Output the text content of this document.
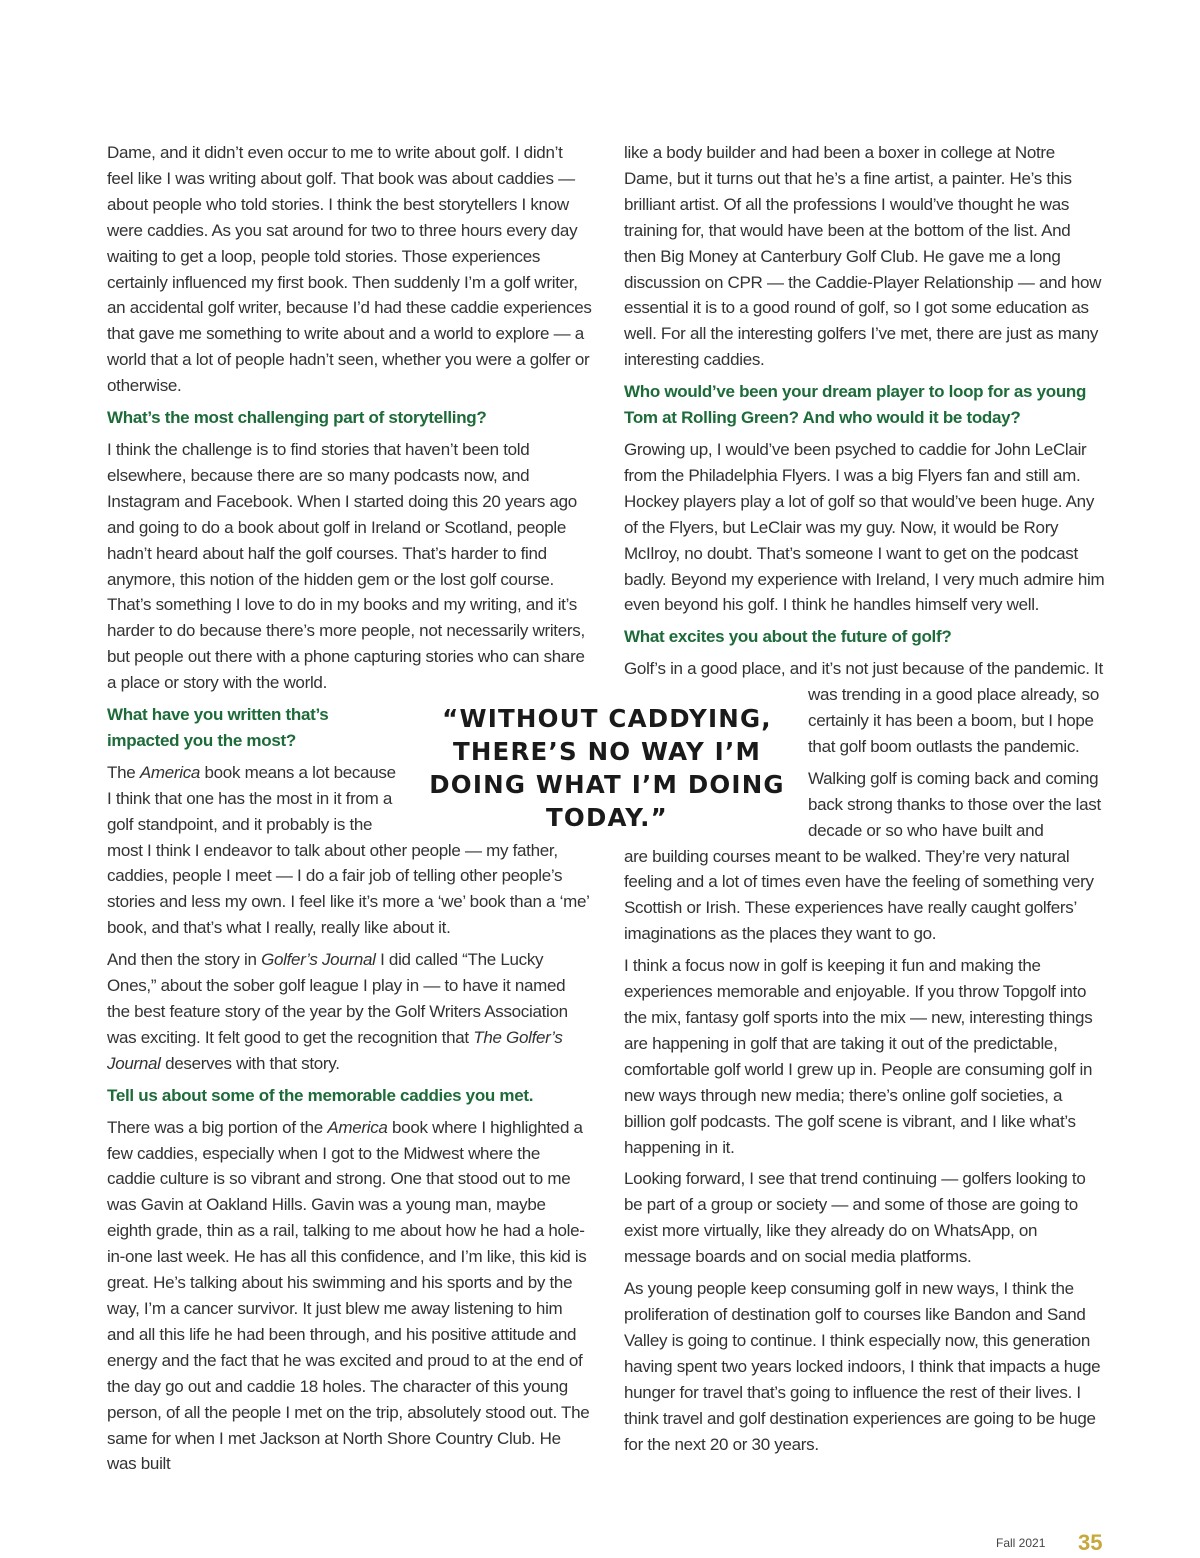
Dame, and it didn’t even occur to me to write about golf. I didn’t feel like I was writing about golf. That book was about caddies — about people who told stories. I think the best storytellers I know were caddies. As you sat around for two to three hours every day waiting to get a loop, people told stories. Those experiences certainly influenced my first book. Then suddenly I’m a golf writer, an accidental golf writer, because I’d had these caddie experiences that gave me something to write about and a world to explore — a world that a lot of people hadn’t seen, whether you were a golfer or otherwise.

What’s the most challenging part of storytelling?

I think the challenge is to find stories that haven’t been told elsewhere, because there are so many podcasts now, and Instagram and Facebook. When I started doing this 20 years ago and going to do a book about golf in Ireland or Scotland, people hadn’t heard about half the golf courses. That’s harder to find anymore, this notion of the hidden gem or the lost golf course. That’s something I love to do in my books and my writing, and it’s harder to do because there’s more people, not necessarily writers, but people out there with a phone capturing stories who can share a place or story with the world.

What have you written that’s impacted you the most?

The America book means a lot because I think that one has the most in it from a golf standpoint, and it probably is the
most I think I endeavor to talk about other people — my father, caddies, people I meet — I do a fair job of telling other people’s stories and less my own. I feel like it’s more a ‘we’ book than a ‘me’ book, and that’s what I really, really like about it.

And then the story in Golfer’s Journal I did called “The Lucky Ones,” about the sober golf league I play in — to have it named the best feature story of the year by the Golf Writers Association was exciting. It felt good to get the recognition that The Golfer’s Journal deserves with that story.

Tell us about some of the memorable caddies you met.

There was a big portion of the America book where I highlighted a few caddies, especially when I got to the Midwest where the caddie culture is so vibrant and strong. One that stood out to me was Gavin at Oakland Hills. Gavin was a young man, maybe eighth grade, thin as a rail, talking to me about how he had a hole-in-one last week. He has all this confidence, and I’m like, this kid is great. He’s talking about his swimming and his sports and by the way, I’m a cancer survivor. It just blew me away listening to him and all this life he had been through, and his positive attitude and energy and the fact that he was excited and proud to at the end of the day go out and caddie 18 holes. The character of this young person, of all the people I met on the trip, absolutely stood out. The same for when I met Jackson at North Shore Country Club. He was built

like a body builder and had been a boxer in college at Notre Dame, but it turns out that he’s a fine artist, a painter. He’s this brilliant artist. Of all the professions I would’ve thought he was training for, that would have been at the bottom of the list. And then Big Money at Canterbury Golf Club. He gave me a long discussion on CPR — the Caddie-Player Relationship — and how essential it is to a good round of golf, so I got some education as well. For all the interesting golfers I’ve met, there are just as many interesting caddies.

Who would’ve been your dream player to loop for as young Tom at Rolling Green? And who would it be today?

Growing up, I would’ve been psyched to caddie for John LeClair from the Philadelphia Flyers. I was a big Flyers fan and still am. Hockey players play a lot of golf so that would’ve been huge. Any of the Flyers, but LeClair was my guy. Now, it would be Rory McIlroy, no doubt. That’s someone I want to get on the podcast badly. Beyond my experience with Ireland, I very much admire him even beyond his golf. I think he handles himself very well.

What excites you about the future of golf?

Golf’s in a good place, and it’s not just because of the pandemic. It
was trending in a good place already, so certainly it has been a boom, but I hope that golf boom outlasts the pandemic.

Walking golf is coming back and coming back strong thanks to those over the last decade or so who have built and
are building courses meant to be walked. They’re very natural feeling and a lot of times even have the feeling of something very Scottish or Irish. These experiences have really caught golfers’ imaginations as the places they want to go.

I think a focus now in golf is keeping it fun and making the experiences memorable and enjoyable. If you throw Topgolf into the mix, fantasy golf sports into the mix — new, interesting things are happening in golf that are taking it out of the predictable, comfortable golf world I grew up in. People are consuming golf in new ways through new media; there’s online golf societies, a billion golf podcasts. The golf scene is vibrant, and I like what’s happening in it.

Looking forward, I see that trend continuing — golfers looking to be part of a group or society — and some of those are going to exist more virtually, like they already do on WhatsApp, on message boards and on social media platforms.

As young people keep consuming golf in new ways, I think the proliferation of destination golf to courses like Bandon and Sand Valley is going to continue. I think especially now, this generation having spent two years locked indoors, I think that impacts a huge hunger for travel that’s going to influence the rest of their lives. I think travel and golf destination experiences are going to be huge for the next 20 or 30 years.

“WITHOUT CADDYING, THERE’S NO WAY I’M DOING WHAT I’M DOING TODAY.”
Fall 2021 35
